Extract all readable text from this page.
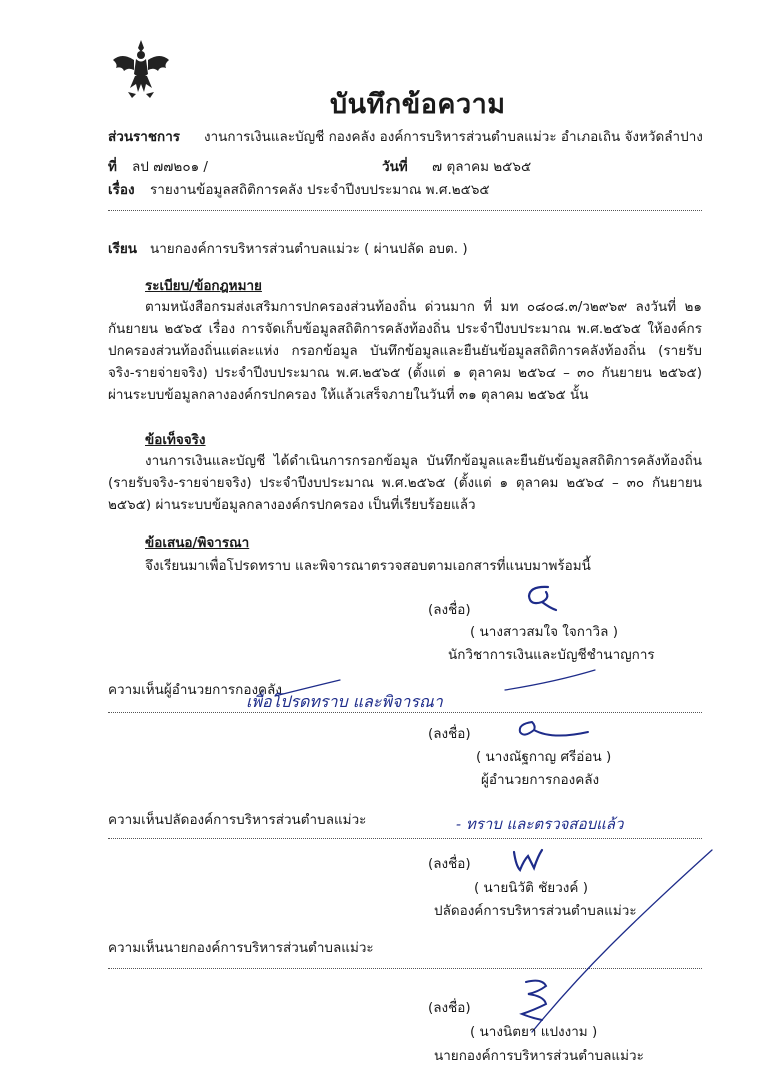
บันทึกข้อความ
ส่วนราชการ งานการเงินและบัญชี กองคลัง องค์การบริหารส่วนตำบลแม่วะ อำเภอเถิน จังหวัดลำปาง
ที่ ลป ๗๗๒๐๑ /	วันที่ ๗ ตุลาคม ๒๕๖๕
เรื่อง รายงานข้อมูลสถิติการคลัง ประจำปีงบประมาณ พ.ศ.๒๕๖๕
เรียน นายกองค์การบริหารส่วนตำบลแม่วะ ( ผ่านปลัด อบต. )
ระเบียบ/ข้อกฎหมาย
ตามหนังสือกรมส่งเสริมการปกครองส่วนท้องถิ่น ด่วนมาก ที่ มท ๐๘๐๘.๓/ว๒๙๖๙ ลงวันที่ ๒๑ กันยายน ๒๕๖๕ เรื่อง การจัดเก็บข้อมูลสถิติการคลังท้องถิ่น ประจำปีงบประมาณ พ.ศ.๒๕๖๕ ให้องค์กรปกครองส่วนท้องถิ่นแต่ละแห่ง กรอกข้อมูล บันทึกข้อมูลและยืนยันข้อมูลสถิติการคลังท้องถิ่น (รายรับจริง-รายจ่ายจริง) ประจำปีงบประมาณ พ.ศ.๒๕๖๕ (ตั้งแต่ ๑ ตุลาคม ๒๕๖๔ – ๓๐ กันยายน ๒๕๖๕) ผ่านระบบข้อมูลกลางองค์กรปกครอง ให้แล้วเสร็จภายในวันที่ ๓๑ ตุลาคม ๒๕๖๕ นั้น
ข้อเท็จจริง
งานการเงินและบัญชี ได้ดำเนินการกรอกข้อมูล บันทึกข้อมูลและยืนยันข้อมูลสถิติการคลังท้องถิ่น (รายรับจริง-รายจ่ายจริง) ประจำปีงบประมาณ พ.ศ.๒๕๖๕ (ตั้งแต่ ๑ ตุลาคม ๒๕๖๔ – ๓๐ กันยายน ๒๕๖๕) ผ่านระบบข้อมูลกลางองค์กรปกครอง เป็นที่เรียบร้อยแล้ว
ข้อเสนอ/พิจารณา
จึงเรียนมาเพื่อโปรดทราบ และพิจารณาตรวจสอบตามเอกสารที่แนบมาพร้อมนี้
(ลงชื่อ)
( นางสาวสมใจ ใจกาวิล )
นักวิชาการเงินและบัญชีชำนาญการ
ความเห็นผู้อำนวยการกองคลัง
เพื่อโปรดทราบ และพิจารณา
(ลงชื่อ)
( นางณัฐกาญ ศรีอ่อน )
ผู้อำนวยการกองคลัง
ความเห็นปลัดองค์การบริหารส่วนตำบลแม่วะ	- ทราบ และตรวจสอบแล้ว
(ลงชื่อ)
( นายนิวัติ ชัยวงค์ )
ปลัดองค์การบริหารส่วนตำบลแม่วะ
ความเห็นนายกองค์การบริหารส่วนตำบลแม่วะ
(ลงชื่อ)
( นางนิตยา แปงงาม )
นายกองค์การบริหารส่วนตำบลแม่วะ
